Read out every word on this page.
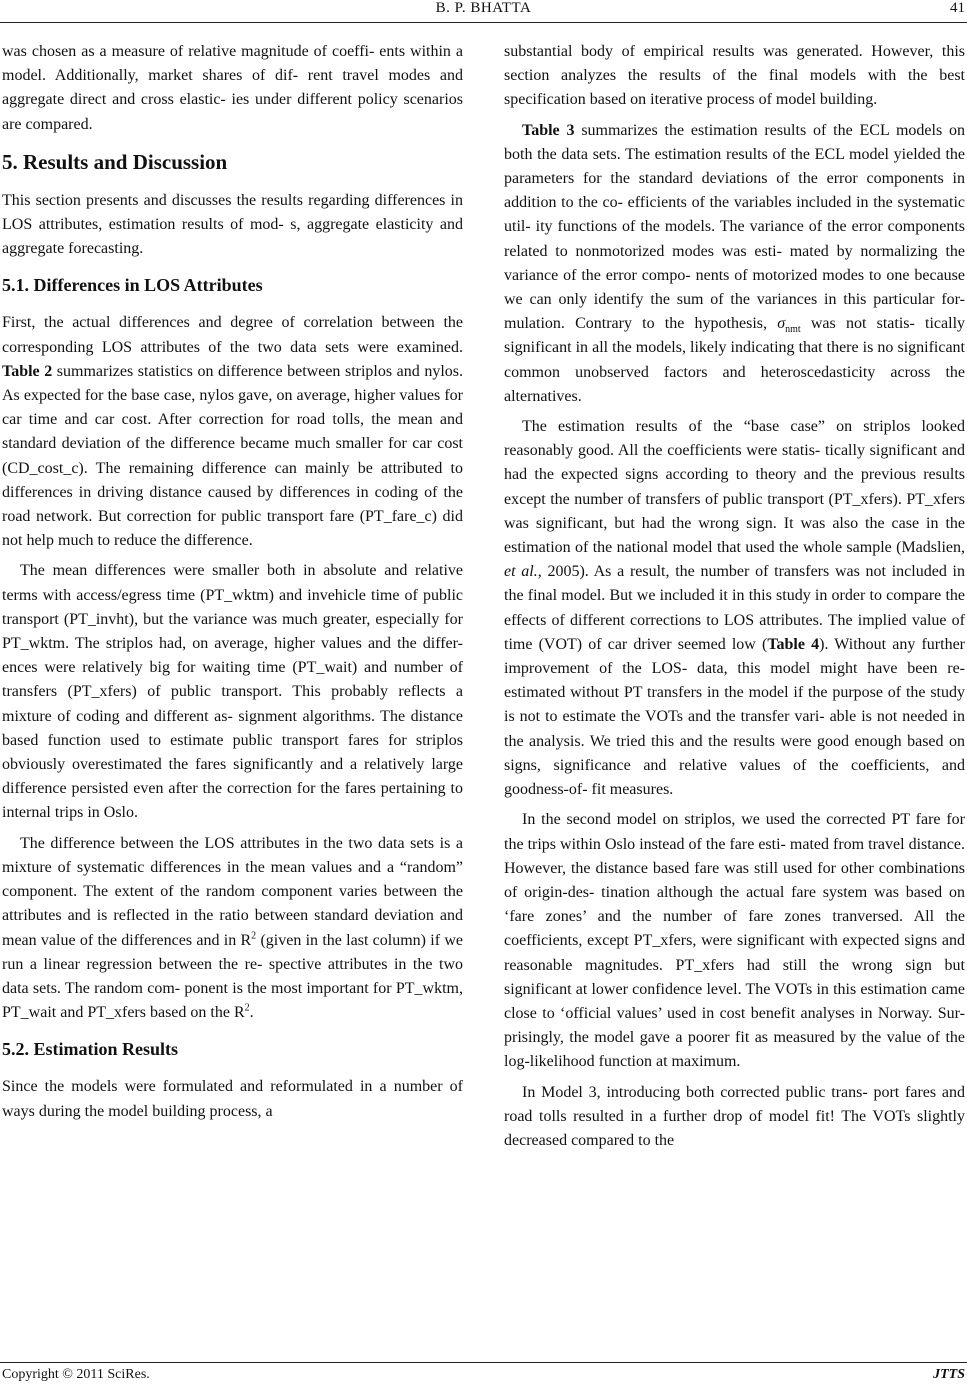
B. P. BHATTA	41

was chosen as a measure of relative magnitude of coeffi- ents within a model. Additionally, market shares of dif- rent travel modes and aggregate direct and cross elastic- ies under different policy scenarios are compared.

5. Results and Discussion

This section presents and discusses the results regarding differences in LOS attributes, estimation results of mod- s, aggregate elasticity and aggregate forecasting.

5.1. Differences in LOS Attributes

First, the actual differences and degree of correlation between the corresponding LOS attributes of the two data sets were examined. Table 2 summarizes statistics on difference between striplos and nylos. As expected for the base case, nylos gave, on average, higher values for car time and car cost. After correction for road tolls, the mean and standard deviation of the difference became much smaller for car cost (CD_cost_c). The remaining difference can mainly be attributed to differences in driving distance caused by differences in coding of the road network. But correction for public transport fare (PT_fare_c) did not help much to reduce the difference.

The mean differences were smaller both in absolute and relative terms with access/egress time (PT_wktm) and invehicle time of public transport (PT_invht), but the variance was much greater, especially for PT_wktm. The striplos had, on average, higher values and the differ- ences were relatively big for waiting time (PT_wait) and number of transfers (PT_xfers) of public transport. This probably reflects a mixture of coding and different as- signment algorithms. The distance based function used to estimate public transport fares for striplos obviously overestimated the fares significantly and a relatively large difference persisted even after the correction for the fares pertaining to internal trips in Oslo.

The difference between the LOS attributes in the two data sets is a mixture of systematic differences in the mean values and a “random” component. The extent of the random component varies between the attributes and is reflected in the ratio between standard deviation and mean value of the differences and in $R^2$ (given in the last column) if we run a linear regression between the re- spective attributes in the two data sets. The random com- ponent is the most important for PT_wktm, PT_wait and PT_xfers based on the $R^2$.

5.2. Estimation Results

Since the models were formulated and reformulated in a number of ways during the model building process, a

substantial body of empirical results was generated. However, this section analyzes the results of the final models with the best specification based on iterative process of model building.

Table 3 summarizes the estimation results of the ECL models on both the data sets. The estimation results of the ECL model yielded the parameters for the standard deviations of the error components in addition to the co- efficients of the variables included in the systematic util- ity functions of the models. The variance of the error components related to nonmotorized modes was esti- mated by normalizing the variance of the error compo- nents of motorized modes to one because we can only identify the sum of the variances in this particular for- mulation. Contrary to the hypothesis, $\sigma_{nmt}$ was not statis- tically significant in all the models, likely indicating that there is no significant common unobserved factors and heteroscedasticity across the alternatives.

The estimation results of the “base case” on striplos looked reasonably good. All the coefficients were statis- tically significant and had the expected signs according to theory and the previous results except the number of transfers of public transport (PT_xfers). PT_xfers was significant, but had the wrong sign. It was also the case in the estimation of the national model that used the whole sample (Madslien, et al., 2005). As a result, the number of transfers was not included in the final model. But we included it in this study in order to compare the effects of different corrections to LOS attributes. The implied value of time (VOT) of car driver seemed low (Table 4). Without any further improvement of the LOS- data, this model might have been re-estimated without PT transfers in the model if the purpose of the study is not to estimate the VOTs and the transfer vari- able is not needed in the analysis. We tried this and the results were good enough based on signs, significance and relative values of the coefficients, and goodness-of- fit measures.

In the second model on striplos, we used the corrected PT fare for the trips within Oslo instead of the fare esti- mated from travel distance. However, the distance based fare was still used for other combinations of origin-des- tination although the actual fare system was based on ‘fare zones’ and the number of fare zones tranversed. All the coefficients, except PT_xfers, were significant with expected signs and reasonable magnitudes. PT_xfers had still the wrong sign but significant at lower confidence level. The VOTs in this estimation came close to ‘official values’ used in cost benefit analyses in Norway. Sur- prisingly, the model gave a poorer fit as measured by the value of the log-likelihood function at maximum.

In Model 3, introducing both corrected public trans- port fares and road tolls resulted in a further drop of model fit! The VOTs slightly decreased compared to the

Copyright © 2011 SciRes.	JTTS
